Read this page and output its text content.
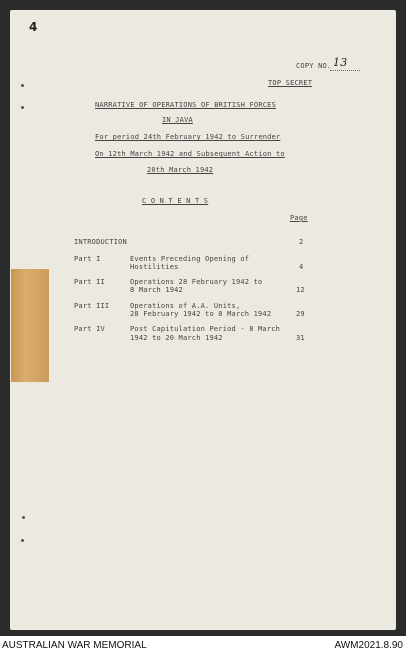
4
COPY NO. 13
TOP SECRET
NARRATIVE OF OPERATIONS OF BRITISH FORCES
IN JAVA
For period 24th February 1942 to Surrender
On 12th March 1942 and Subsequent Action to
20th March 1942
C O N T E N T S
Page
INTRODUCTION	2
Part I	Events Preceding Opening of
Hostilities	4
Part II	Operations 28 February 1942 to
8 March 1942	12
Part III	Operations of A.A. Units,
28 February 1942 to 8 March 1942	29
Part IV	Post Capitulation Period - 8 March
1942 to 20 March 1942	31
AUSTRALIAN WAR MEMORIAL	AWM2021.8.90
